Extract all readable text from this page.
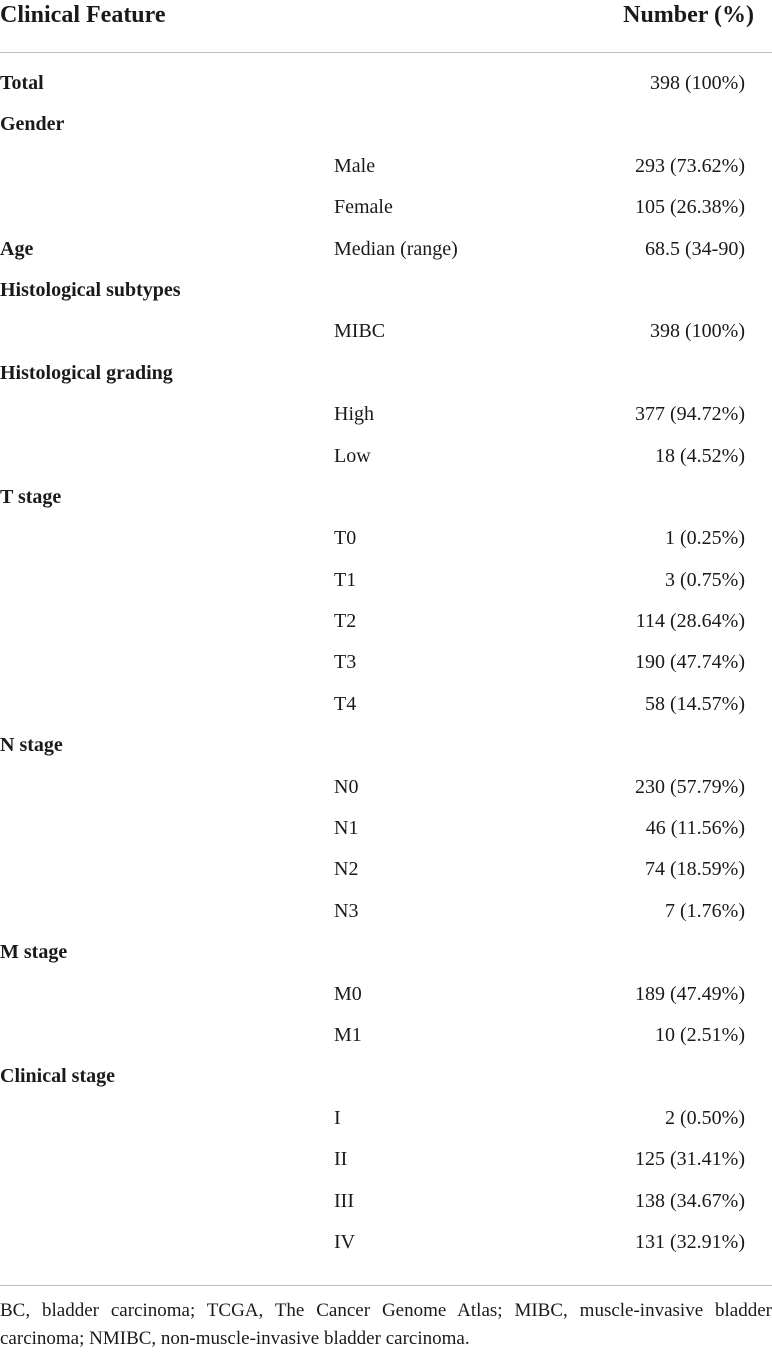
Clinical Feature	Number (%)
Total	398 (100%)
Gender
Male	293 (73.62%)
Female	105 (26.38%)
Age	Median (range)	68.5 (34-90)
Histological subtypes
MIBC	398 (100%)
Histological grading
High	377 (94.72%)
Low	18 (4.52%)
T stage
T0	1 (0.25%)
T1	3 (0.75%)
T2	114 (28.64%)
T3	190 (47.74%)
T4	58 (14.57%)
N stage
N0	230 (57.79%)
N1	46 (11.56%)
N2	74 (18.59%)
N3	7 (1.76%)
M stage
M0	189 (47.49%)
M1	10 (2.51%)
Clinical stage
I	2 (0.50%)
II	125 (31.41%)
III	138 (34.67%)
IV	131 (32.91%)
BC, bladder carcinoma; TCGA, The Cancer Genome Atlas; MIBC, muscle-invasive bladder carcinoma; NMIBC, non-muscle-invasive bladder carcinoma.
